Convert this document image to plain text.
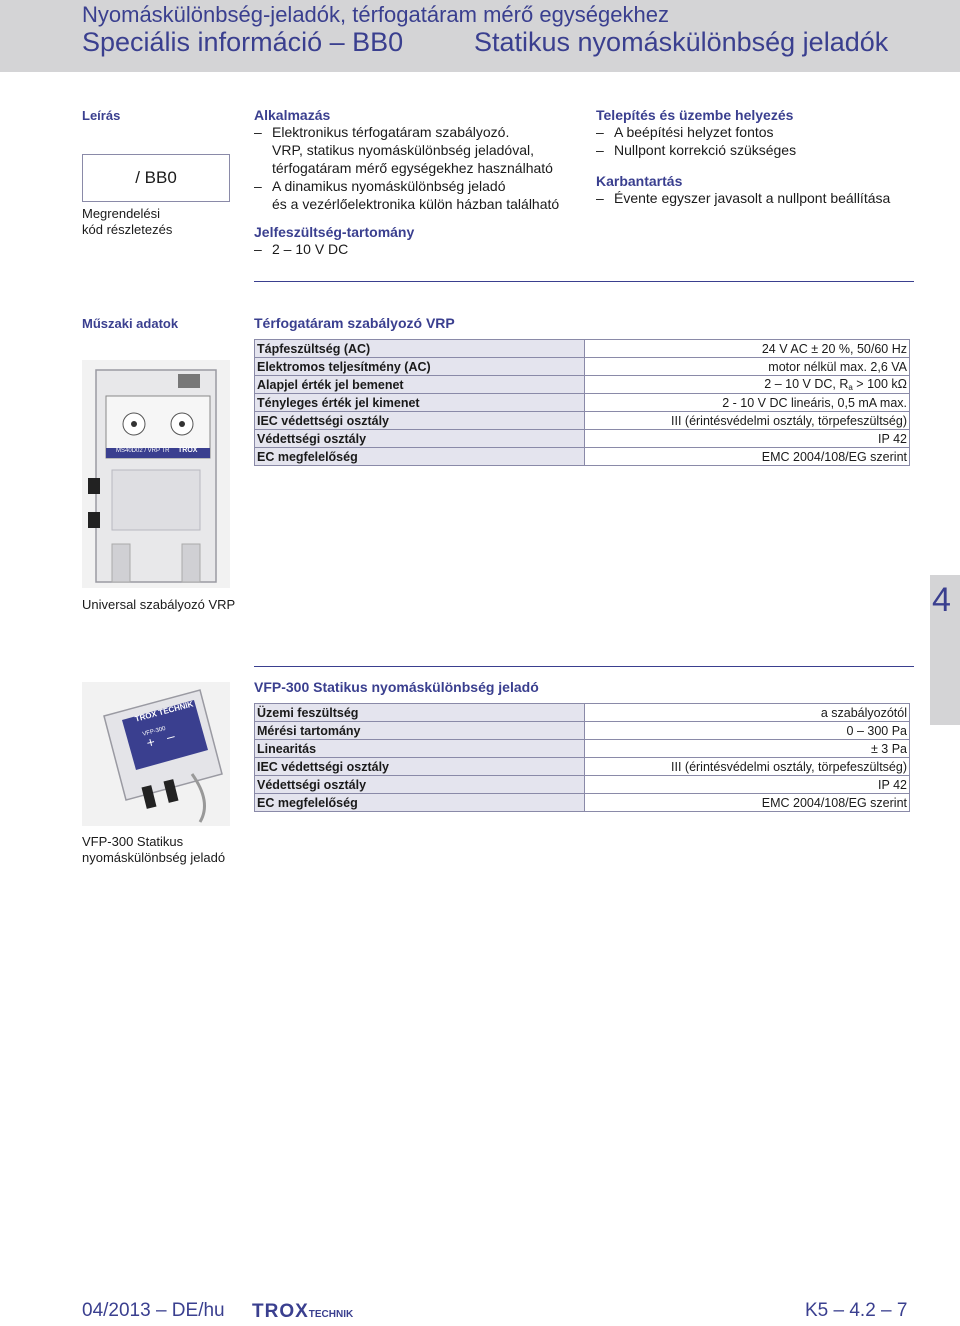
Nyomáskülönbség-jeladók, térfogatáram mérő egységekhez
Speciális információ – BB0	Statikus nyomáskülönbség jeladók
Leírás
/ BB0
Megrendelési
kód részletezés
Alkalmazás
– Elektronikus térfogatáram szabályozó.
VRP, statikus nyomáskülönbség jeladóval,
térfogatáram mérő egységekhez használható
– A dinamikus nyomáskülönbség jeladó
és a vezérlőelektronika külön házban található
Jelfeszültség-tartomány
– 2 – 10 V DC
Telepítés és üzembe helyezés
– A beépítési helyzet fontos
– Nullpont korrekció szükséges
Karbantartás
– Évente egyszer javasolt a nullpont beállítása
Műszaki adatok	Térfogatáram szabályozó VRP
Tápfeszültség (AC)	24 V AC ± 20 %, 50/60 Hz
Elektromos teljesítmény (AC)	motor nélkül max. 2,6 VA
Alapjel érték jel bemenet	2 – 10 V DC, $R_a > 100$ kΩ
Tényleges érték jel kimenet	2 - 10 V DC lineáris, 0,5 mA max.
IEC védettségi osztály	III (érintésvédelmi osztály, törpefeszültség)
Védettségi osztály	IP 42
EC megfelelőség	EMC 2004/108/EG szerint
MS40D02 / VRP TR TROX
Universal szabályozó VRP	4
VFP-300 Statikus nyomáskülönbség jeladó
Üzemi feszültség	a szabályozótól
Mérési tartomány	0 – 300 Pa
Linearitás	± 3 Pa
IEC védettségi osztály	III (érintésvédelmi osztály, törpefeszültség)
Védettségi osztály	IP 42
EC megfelelőség	EMC 2004/108/EG szerint
+ –
TROX TECHNIK
VFP-300
VFP-300 Statikus
nyomáskülönbség jeladó
04/2013 – DE/hu TROXTECHNIK	K5 – 4.2 – 7
